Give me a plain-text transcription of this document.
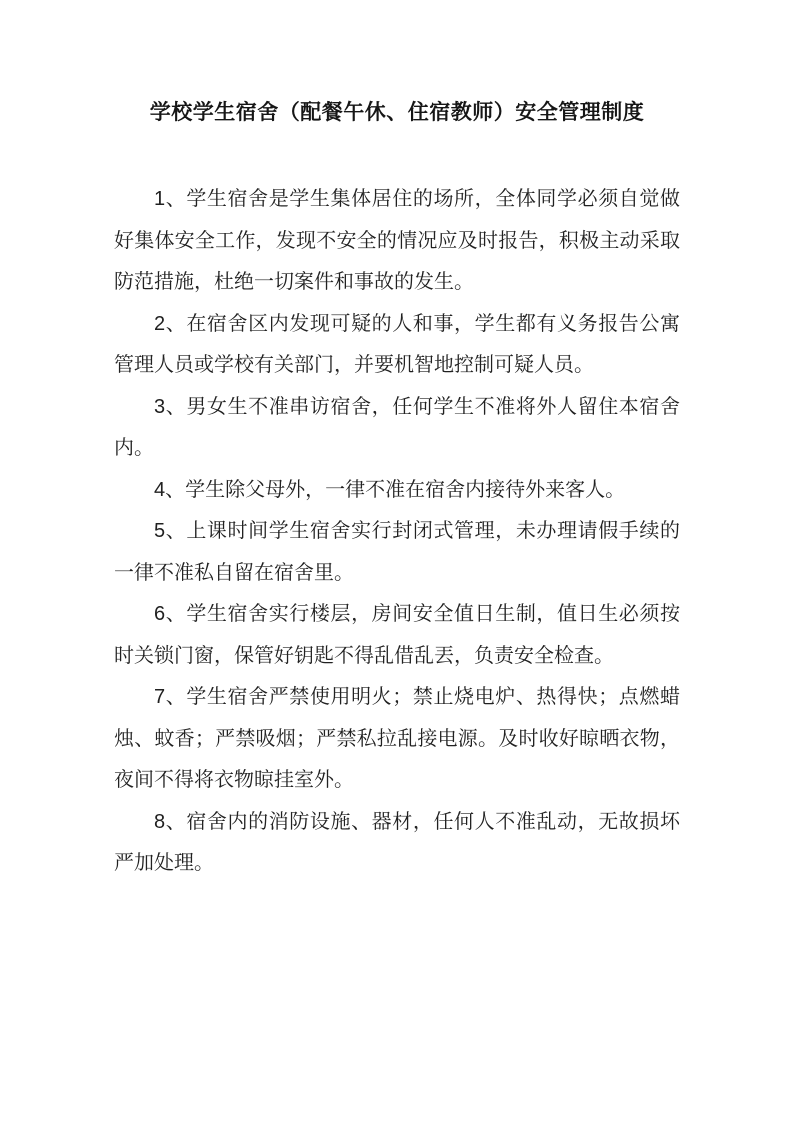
学校学生宿舍（配餐午休、住宿教师）安全管理制度

1、学生宿舍是学生集体居住的场所，全体同学必须自觉做好集体安全工作，发现不安全的情况应及时报告，积极主动采取防范措施，杜绝一切案件和事故的发生。

2、在宿舍区内发现可疑的人和事，学生都有义务报告公寓管理人员或学校有关部门，并要机智地控制可疑人员。

3、男女生不准串访宿舍，任何学生不准将外人留住本宿舍内。

4、学生除父母外，一律不准在宿舍内接待外来客人。

5、上课时间学生宿舍实行封闭式管理，未办理请假手续的一律不准私自留在宿舍里。

6、学生宿舍实行楼层，房间安全值日生制，值日生必须按时关锁门窗，保管好钥匙不得乱借乱丟，负责安全检查。

7、学生宿舍严禁使用明火；禁止烧电炉、热得快；点燃蜡烛、蚊香；严禁吸烟；严禁私拉乱接电源。及时收好晾晒衣物，夜间不得将衣物晾挂室外。

8、宿舍内的消防设施、器材，任何人不准乱动，无故损坏严加处理。
